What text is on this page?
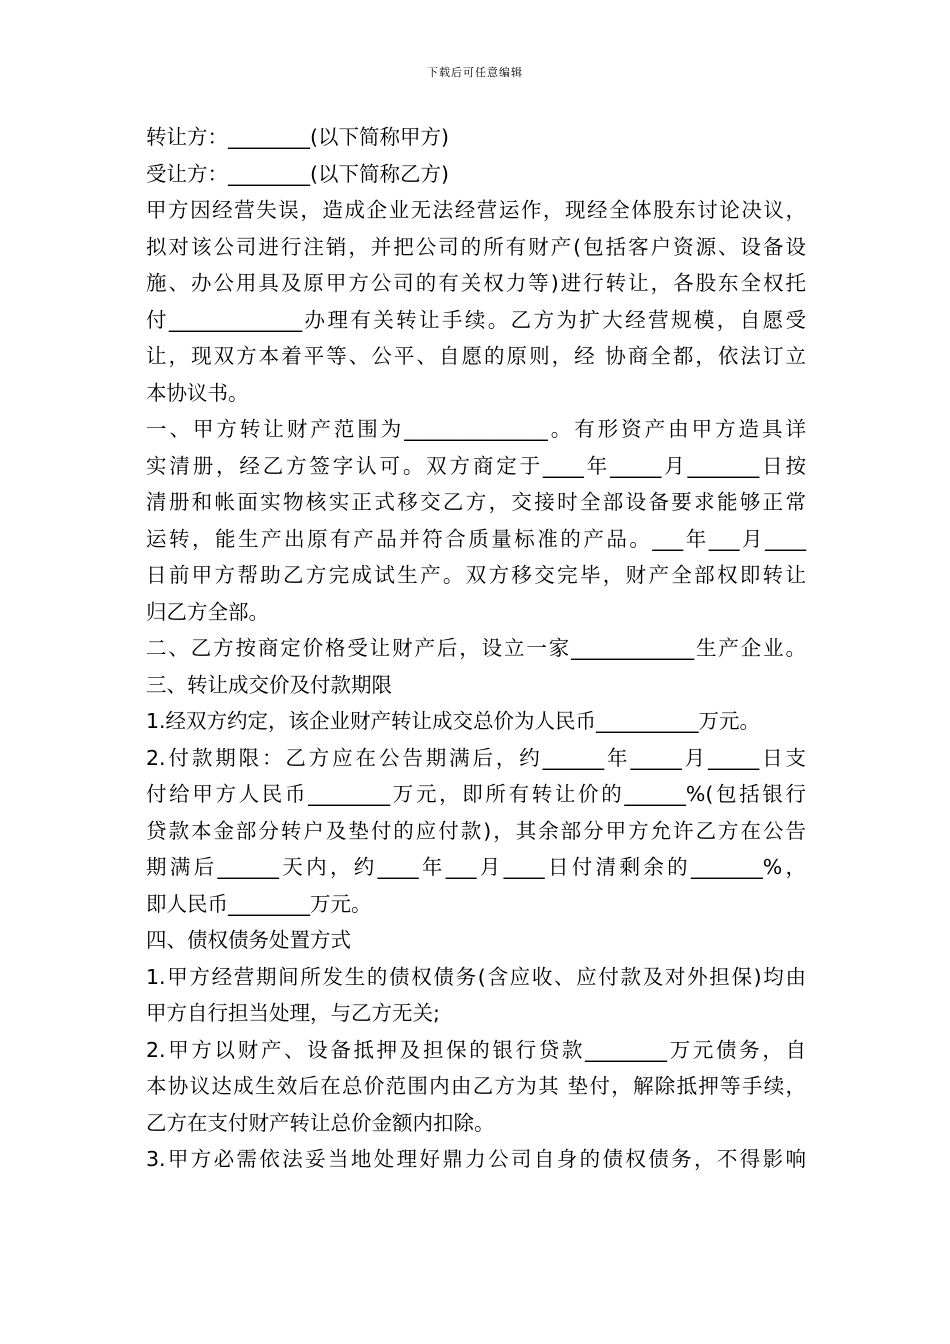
下载后可任意编辑
转让方：________(以下简称甲方)
受让方：________(以下简称乙方)
甲方因经营失误，造成企业无法经营运作，现经全体股东讨论决议，
拟对该公司进行注销，并把公司的所有财产(包括客户资源、设备设
施、办公用具及原甲方公司的有关权力等)进行转让，各股东全权托
付_____________办理有关转让手续。乙方为扩大经营规模，自愿受
让，现双方本着平等、公平、自愿的原则，经 协商全都，依法订立
本协议书。
一、甲方转让财产范围为______________。有形资产由甲方造具详
实清册，经乙方签字认可。双方商定于____年_____月_______日按
清册和帐面实物核实正式移交乙方，交接时全部设备要求能够正常
运转，能生产出原有产品并符合质量标准的产品。___年___月____
日前甲方帮助乙方完成试生产。双方移交完毕，财产全部权即转让
归乙方全部。
二、乙方按商定价格受让财产后，设立一家____________生产企业。
三、转让成交价及付款期限
1.经双方约定，该企业财产转让成交总价为人民币__________万元。
2.付款期限：乙方应在公告期满后，约______年_____月_____日支
付给甲方人民币________万元，即所有转让价的______%(包括银行
贷款本金部分转户及垫付的应付款)，其余部分甲方允许乙方在公告
期满后______天内，约____年___月____日付清剩余的_______%，
即人民币________万元。
四、债权债务处置方式
1.甲方经营期间所发生的债权债务(含应收、应付款及对外担保)均由
甲方自行担当处理，与乙方无关;
2.甲方以财产、设备抵押及担保的银行贷款________万元债务，自
本协议达成生效后在总价范围内由乙方为其 垫付，解除抵押等手续，
乙方在支付财产转让总价金额内扣除。
3.甲方必需依法妥当地处理好鼎力公司自身的债权债务，不得影响
